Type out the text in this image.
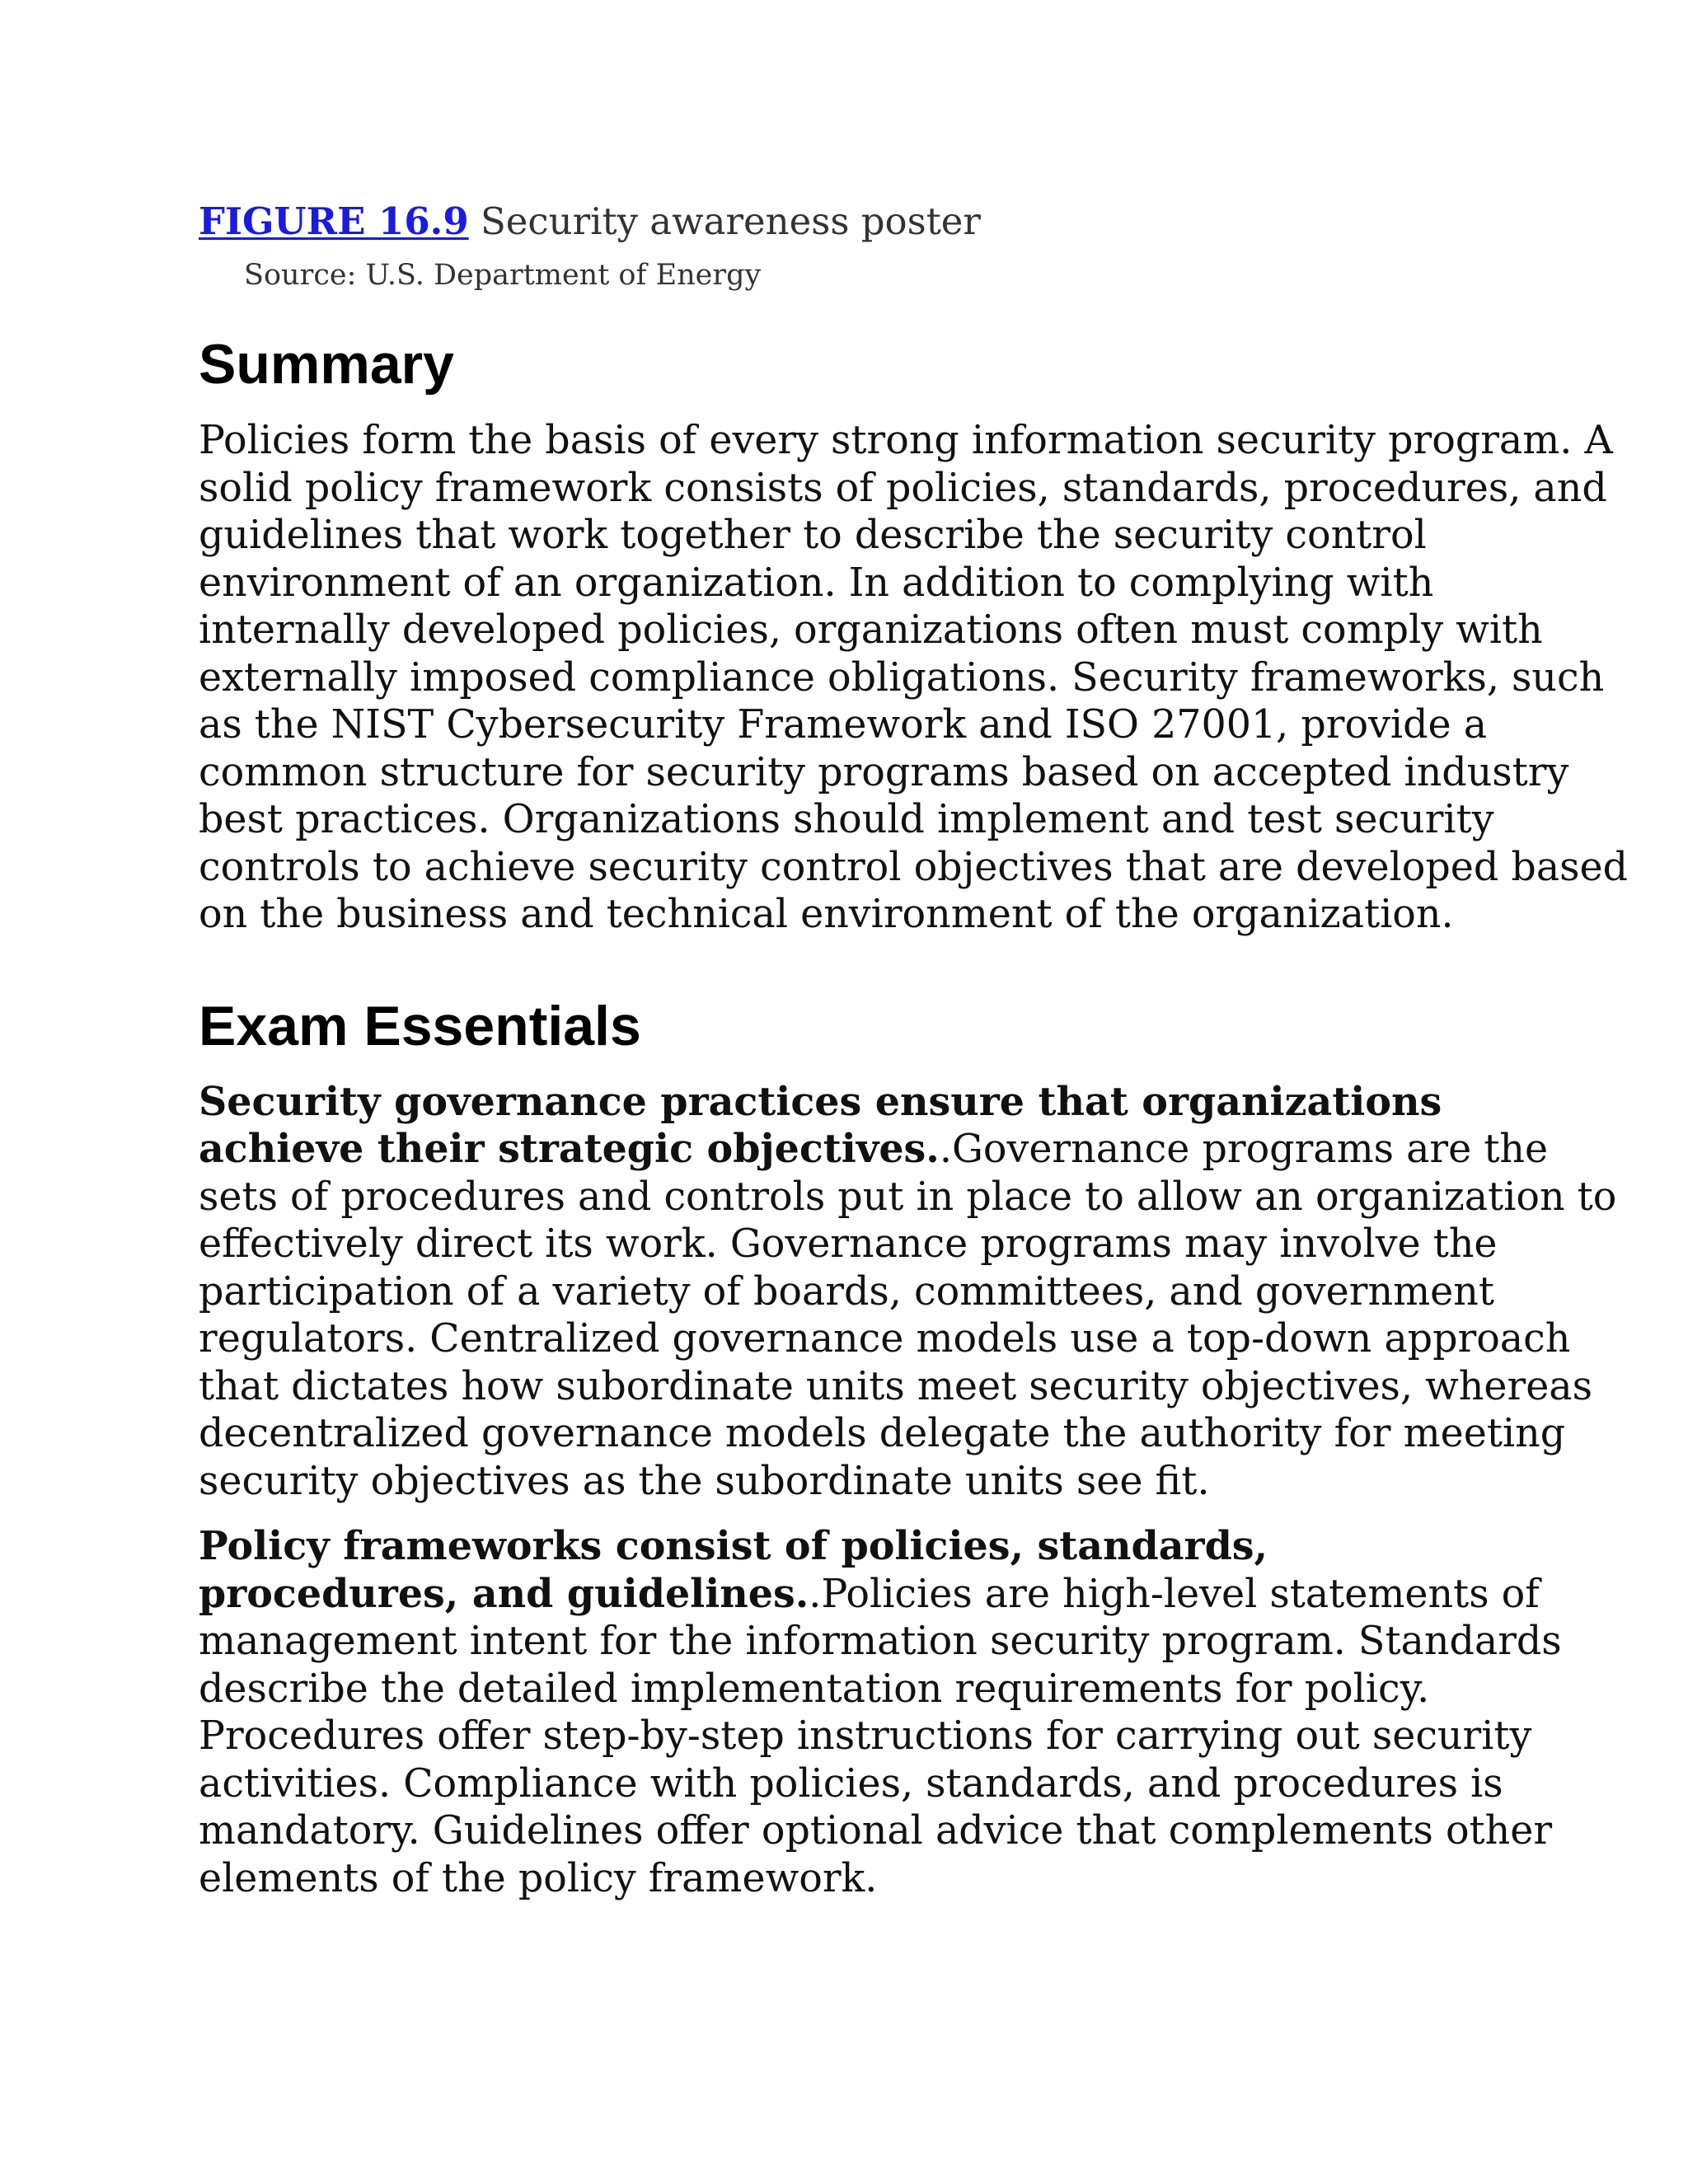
FIGURE 16.9 Security awareness poster

Source: U.S. Department of Energy

Summary

Policies form the basis of every strong information security program. A
solid policy framework consists of policies, standards, procedures, and
guidelines that work together to describe the security control
environment of an organization. In addition to complying with
internally developed policies, organizations often must comply with
externally imposed compliance obligations. Security frameworks, such
as the NIST Cybersecurity Framework and ISO 27001, provide a
common structure for security programs based on accepted industry
best practices. Organizations should implement and test security
controls to achieve security control objectives that are developed based
on the business and technical environment of the organization.

Exam Essentials

Security governance practices ensure that organizations
achieve their strategic objectives..Governance programs are the
sets of procedures and controls put in place to allow an organization to
effectively direct its work. Governance programs may involve the
participation of a variety of boards, committees, and government
regulators. Centralized governance models use a top-down approach
that dictates how subordinate units meet security objectives, whereas
decentralized governance models delegate the authority for meeting
security objectives as the subordinate units see fit.

Policy frameworks consist of policies, standards,
procedures, and guidelines..Policies are high-level statements of
management intent for the information security program. Standards
describe the detailed implementation requirements for policy.
Procedures offer step-by-step instructions for carrying out security
activities. Compliance with policies, standards, and procedures is
mandatory. Guidelines offer optional advice that complements other
elements of the policy framework.
